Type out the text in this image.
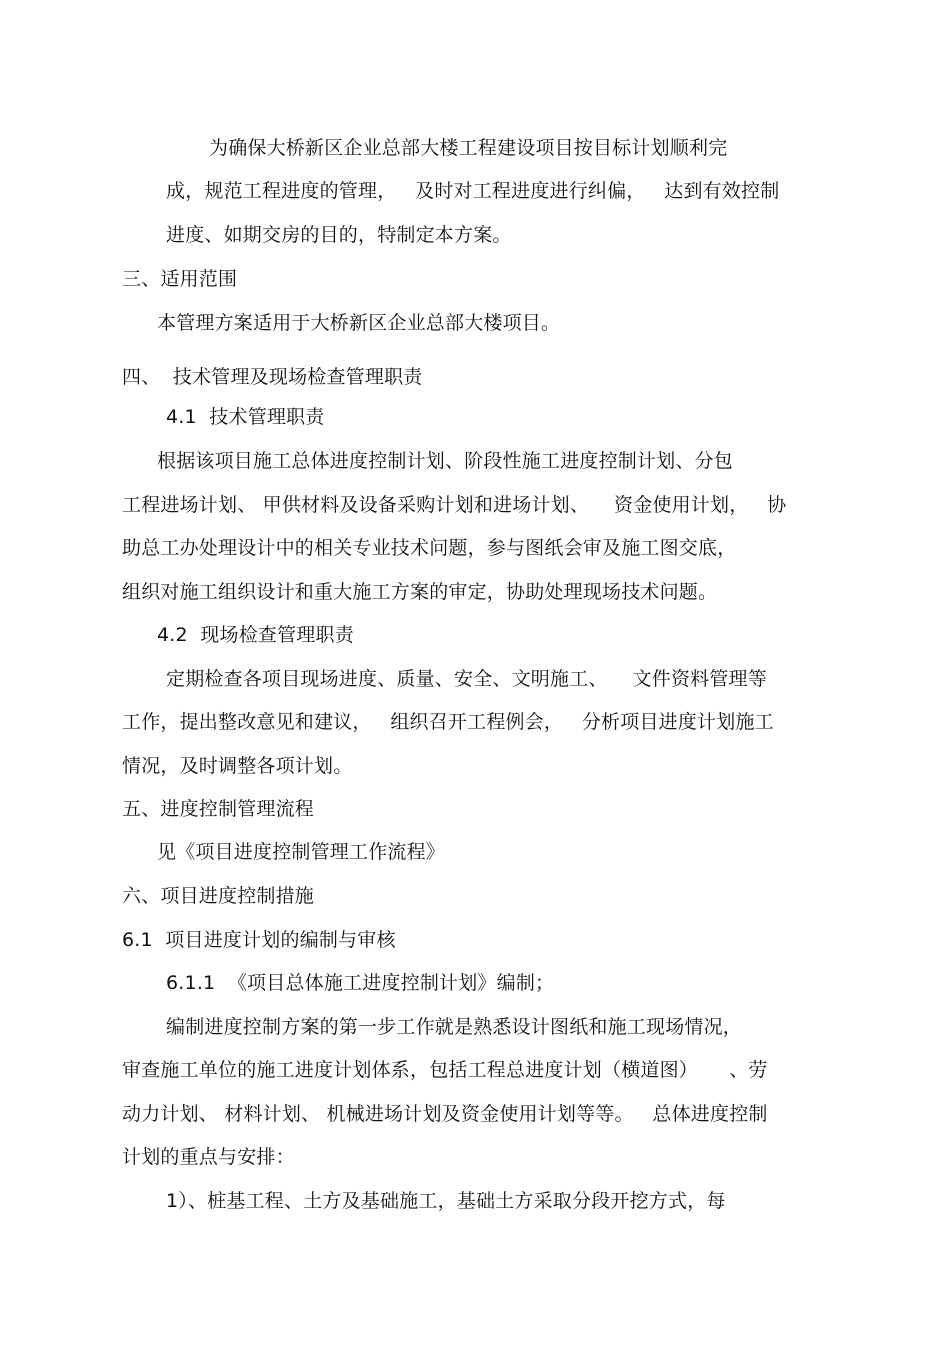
为确保大桥新区企业总部大楼工程建设项目按目标计划顺利完

成，规范工程进度的管理，   及时对工程进度进行纠偏，   达到有效控制

进度、如期交房的目的，特制定本方案。

三、适用范围

本管理方案适用于大桥新区企业总部大楼项目。

四、  技术管理及现场检查管理职责

4.1  技术管理职责

根据该项目施工总体进度控制计划、阶段性施工进度控制计划、分包

工程进场计划、 甲供材料及设备采购计划和进场计划、    资金使用计划，   协

助总工办处理设计中的相关专业技术问题，参与图纸会审及施工图交底，

组织对施工组织设计和重大施工方案的审定，协助处理现场技术问题。

4.2  现场检查管理职责

定期检查各项目现场进度、质量、安全、文明施工、    文件资料管理等

工作，提出整改意见和建议，   组织召开工程例会，   分析项目进度计划施工

情况，及时调整各项计划。

五、进度控制管理流程

见《项目进度控制管理工作流程》

六、项目进度控制措施

6.1  项目进度计划的编制与审核

6.1.1  《项目总体施工进度控制计划》编制；

编制进度控制方案的第一步工作就是熟悉设计图纸和施工现场情况，

审查施工单位的施工进度计划体系，包括工程总进度计划（横道图）     、劳

动力计划、 材料计划、 机械进场计划及资金使用计划等等。   总体进度控制

计划的重点与安排：

1）、桩基工程、土方及基础施工，基础土方采取分段开挖方式，每
